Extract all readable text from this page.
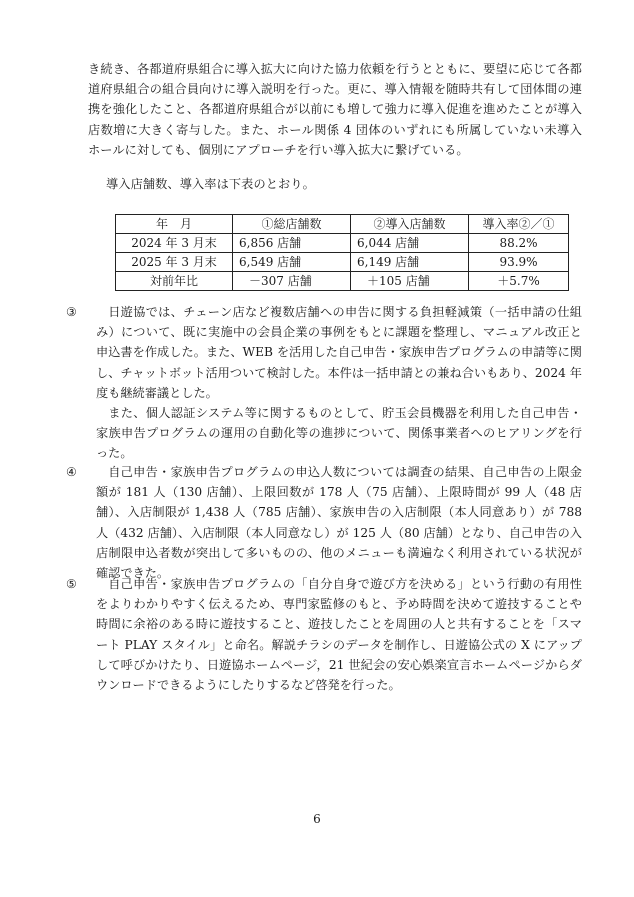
き続き、各都道府県組合に導入拡大に向けた協力依頼を行うとともに、要望に応じて各都道府県組合の組合員向けに導入説明を行った。更に、導入情報を随時共有して団体間の連携を強化したこと、各都道府県組合が以前にも増して強力に導入促進を進めたことが導入店数増に大きく寄与した。また、ホール関係 4 団体のいずれにも所属していない未導入ホールに対しても、個別にアプローチを行い導入拡大に繋げている。

導入店舗数、導入率は下表のとおり。

年　月	①総店舗数	②導入店舗数	導入率②／①
2024 年 3 月末	6,856 店舗	6,044 店舗	88.2%
2025 年 3 月末	6,549 店舗	6,149 店舗	93.9%
対前年比	－307 店舗	＋105 店舗	＋5.7%
③	日遊協では、チェーン店など複数店舗への申告に関する負担軽減策（一括申請の仕組み）について、既に実施中の会員企業の事例をもとに課題を整理し、マニュアル改正と申込書を作成した。また、WEB を活用した自己申告・家族申告プログラムの申請等に関し、チャットボット活用ついて検討した。本件は一括申請との兼ね合いもあり、2024 年度も継続審議とした。

また、個人認証システム等に関するものとして、貯玉会員機器を利用した自己申告・家族申告プログラムの運用の自動化等の進捗について、関係事業者へのヒアリングを行った。

④	自己申告・家族申告プログラムの申込人数については調査の結果、自己申告の上限金額が 181 人（130 店舗）、上限回数が 178 人（75 店舗）、上限時間が 99 人（48 店舗）、入店制限が 1,438 人（785 店舗）、家族申告の入店制限（本人同意あり）が 788 人（432 店舗）、入店制限（本人同意なし）が 125 人（80 店舗）となり、自己申告の入店制限申込者数が突出して多いものの、他のメニューも満遍なく利用されている状況が確認できた。

⑤	自己申告・家族申告プログラムの「自分自身で遊び方を決める」という行動の有用性をよりわかりやすく伝えるため、専門家監修のもと、予め時間を決めて遊技することや時間に余裕のある時に遊技すること、遊技したことを周囲の人と共有することを「スマート PLAY スタイル」と命名。解説チラシのデータを制作し、日遊協公式の X にアップして呼びかけたり、日遊協ホームページ，21 世紀会の安心娯楽宣言ホームページからダウンロードできるようにしたりするなど啓発を行った。

6
